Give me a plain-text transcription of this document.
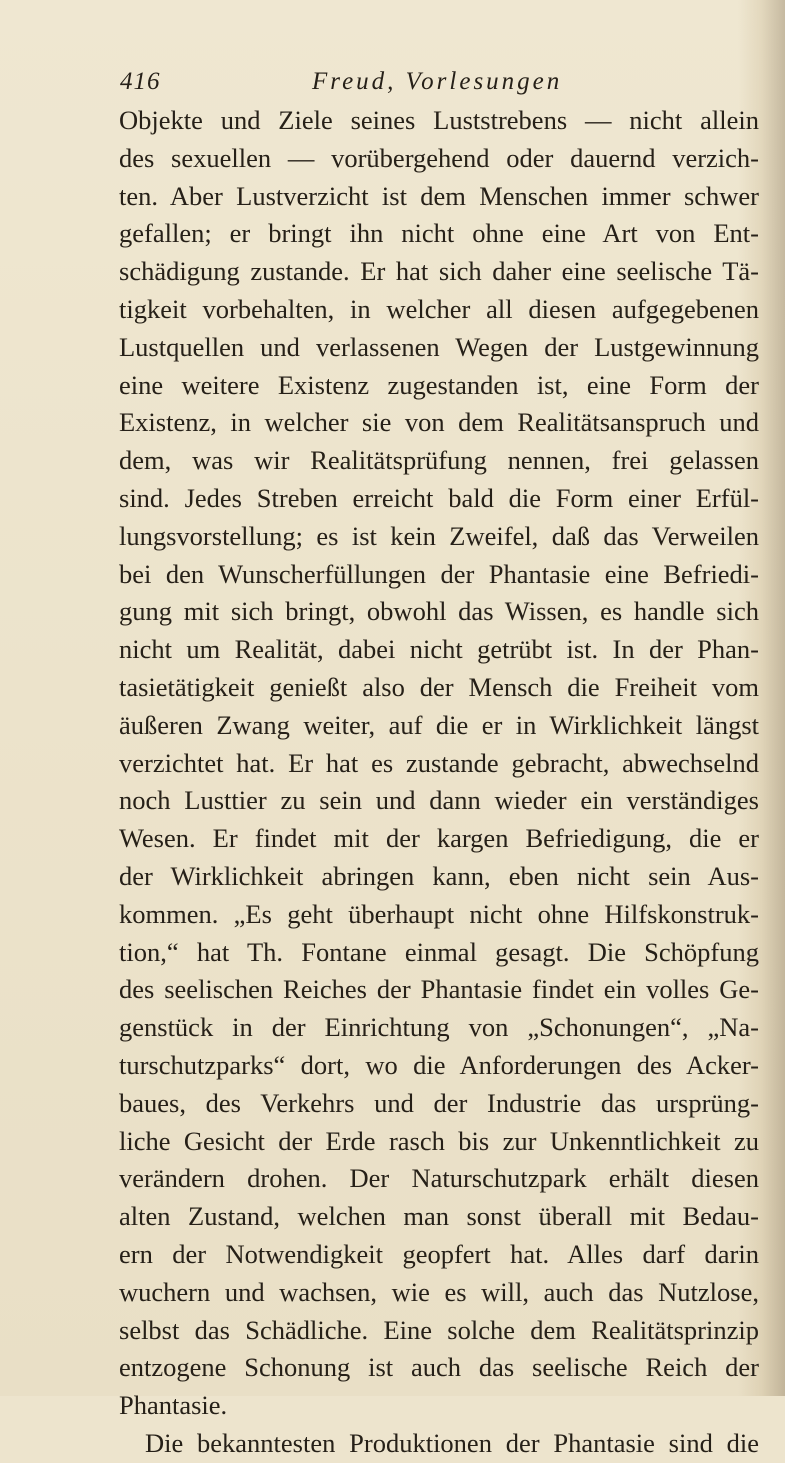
416	Freud, Vorlesungen
Objekte und Ziele seines Luststrebens — nicht allein
des sexuellen — vorübergehend oder dauernd verzich-
ten. Aber Lustverzicht ist dem Menschen immer schwer
gefallen; er bringt ihn nicht ohne eine Art von Ent-
schädigung zustande. Er hat sich daher eine seelische Tä-
tigkeit vorbehalten, in welcher all diesen aufgegebenen
Lustquellen und verlassenen Wegen der Lustgewinnung
eine weitere Existenz zugestanden ist, eine Form der
Existenz, in welcher sie von dem Realitätsanspruch und
dem, was wir Realitätsprüfung nennen, frei gelassen
sind. Jedes Streben erreicht bald die Form einer Erfül-
lungsvorstellung; es ist kein Zweifel, daß das Verweilen
bei den Wunscherfüllungen der Phantasie eine Befriedi-
gung mit sich bringt, obwohl das Wissen, es handle sich
nicht um Realität, dabei nicht getrübt ist. In der Phan-
tasietätigkeit genießt also der Mensch die Freiheit vom
äußeren Zwang weiter, auf die er in Wirklichkeit längst
verzichtet hat. Er hat es zustande gebracht, abwechselnd
noch Lusttier zu sein und dann wieder ein verständiges
Wesen. Er findet mit der kargen Befriedigung, die er
der Wirklichkeit abringen kann, eben nicht sein Aus-
kommen. „Es geht überhaupt nicht ohne Hilfskonstruk-
tion,“ hat Th. Fontane einmal gesagt. Die Schöpfung
des seelischen Reiches der Phantasie findet ein volles Ge-
genstück in der Einrichtung von „Schonungen“, „Na-
turschutzparks“ dort, wo die Anforderungen des Acker-
baues, des Verkehrs und der Industrie das ursprüng-
liche Gesicht der Erde rasch bis zur Unkenntlichkeit zu
verändern drohen. Der Naturschutzpark erhält diesen
alten Zustand, welchen man sonst überall mit Bedau-
ern der Notwendigkeit geopfert hat. Alles darf darin
wuchern und wachsen, wie es will, auch das Nutzlose,
selbst das Schädliche. Eine solche dem Realitätsprinzip
entzogene Schonung ist auch das seelische Reich der
Phantasie.
Die bekanntesten Produktionen der Phantasie sind die
